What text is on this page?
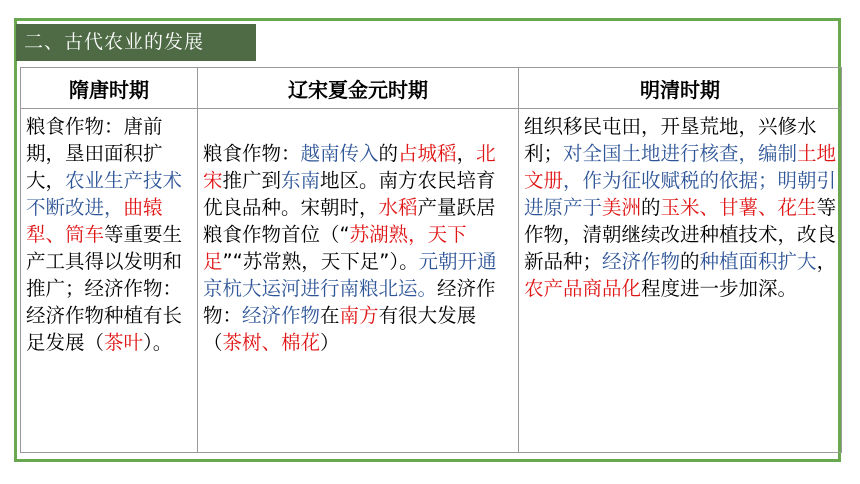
二、古代农业的发展
隋唐时期	辽宋夏金元时期	明清时期
粮食作物：唐前期，垦田面积扩大，农业生产技术不断改进，曲辕犁、筒车等重要生产工具得以发明和推广；经济作物：经济作物种植有长足发展（茶叶）。	粮食作物：越南传入的占城稻，北宋推广到东南地区。南方农民培育优良品种。宋朝时，水稻产量跃居粮食作物首位（“苏湖熟，天下足”“苏常熟，天下足”）。元朝开通京杭大运河进行南粮北运。经济作物：经济作物在南方有很大发展（茶树、棉花）	组织移民屯田，开垦荒地，兴修水利；对全国土地进行核查，编制土地文册，作为征收赋税的依据；明朝引进原产于美洲的玉米、甘薯、花生等作物，清朝继续改进种植技术，改良新品种；经济作物的种植面积扩大，农产品商品化程度进一步加深。
